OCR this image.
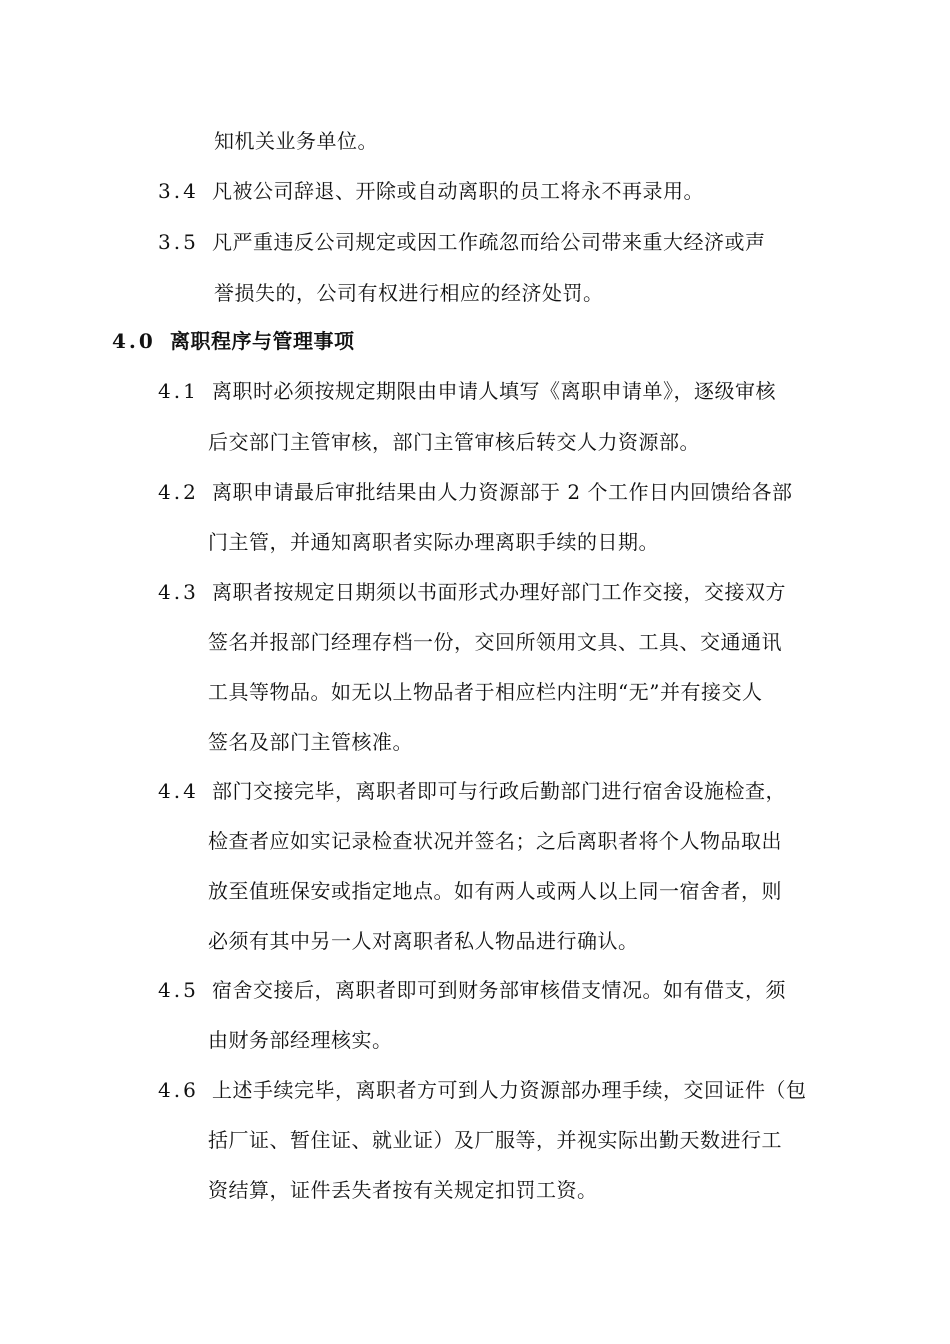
知机关业务单位。
3.4 凡被公司辞退、开除或自动离职的员工将永不再录用。
3.5 凡严重违反公司规定或因工作疏忽而给公司带来重大经济或声
誉损失的，公司有权进行相应的经济处罚。
4.0 离职程序与管理事项
4.1 离职时必须按规定期限由申请人填写《离职申请单》，逐级审核
后交部门主管审核，部门主管审核后转交人力资源部。
4.2 离职申请最后审批结果由人力资源部于 2 个工作日内回馈给各部
门主管，并通知离职者实际办理离职手续的日期。
4.3 离职者按规定日期须以书面形式办理好部门工作交接，交接双方
签名并报部门经理存档一份，交回所领用文具、工具、交通通讯
工具等物品。如无以上物品者于相应栏内注明“无”并有接交人
签名及部门主管核准。
4.4 部门交接完毕，离职者即可与行政后勤部门进行宿舍设施检查，
检查者应如实记录检查状况并签名；之后离职者将个人物品取出
放至值班保安或指定地点。如有两人或两人以上同一宿舍者，则
必须有其中另一人对离职者私人物品进行确认。
4.5 宿舍交接后，离职者即可到财务部审核借支情况。如有借支，须
由财务部经理核实。
4.6 上述手续完毕，离职者方可到人力资源部办理手续，交回证件（包
括厂证、暂住证、就业证）及厂服等，并视实际出勤天数进行工
资结算，证件丢失者按有关规定扣罚工资。
